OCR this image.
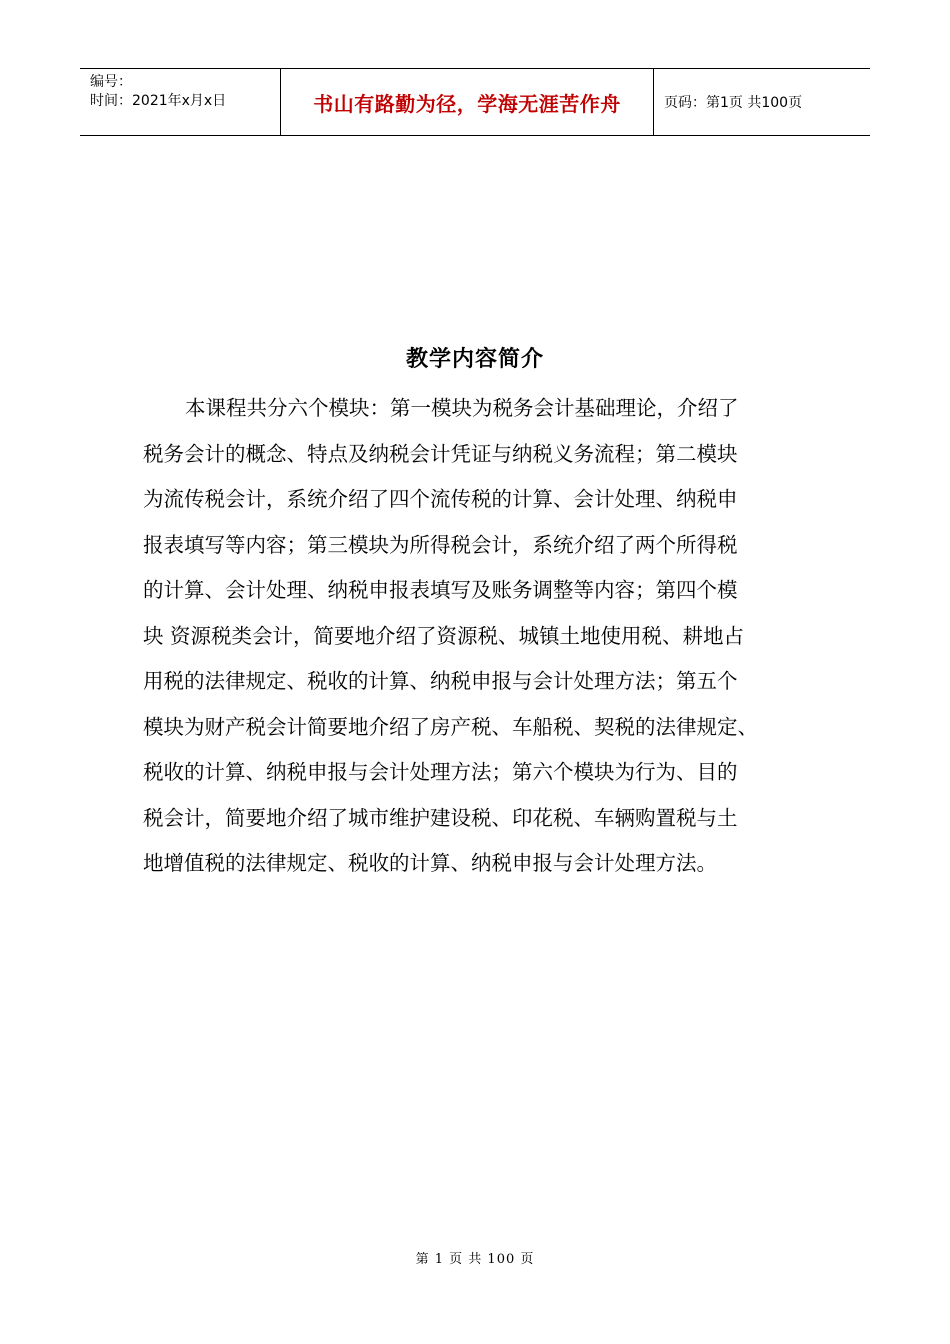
编号：
时间：2021年x月x日	书山有路勤为径，学海无涯苦作舟	页码：第1页 共100页
教学内容简介

本课程共分六个模块：第一模块为税务会计基础理论，介绍了
税务会计的概念、特点及纳税会计凭证与纳税义务流程；第二模块
为流传税会计，系统介绍了四个流传税的计算、会计处理、纳税申
报表填写等内容；第三模块为所得税会计，系统介绍了两个所得税
的计算、会计处理、纳税申报表填写及账务调整等内容；第四个模
块 资源税类会计，简要地介绍了资源税、城镇土地使用税、耕地占
用税的法律规定、税收的计算、纳税申报与会计处理方法；第五个
模块为财产税会计简要地介绍了房产税、车船税、契税的法律规定、
税收的计算、纳税申报与会计处理方法；第六个模块为行为、目的
税会计，简要地介绍了城市维护建设税、印花税、车辆购置税与土
地增值税的法律规定、税收的计算、纳税申报与会计处理方法。

第 1 页 共 100 页
